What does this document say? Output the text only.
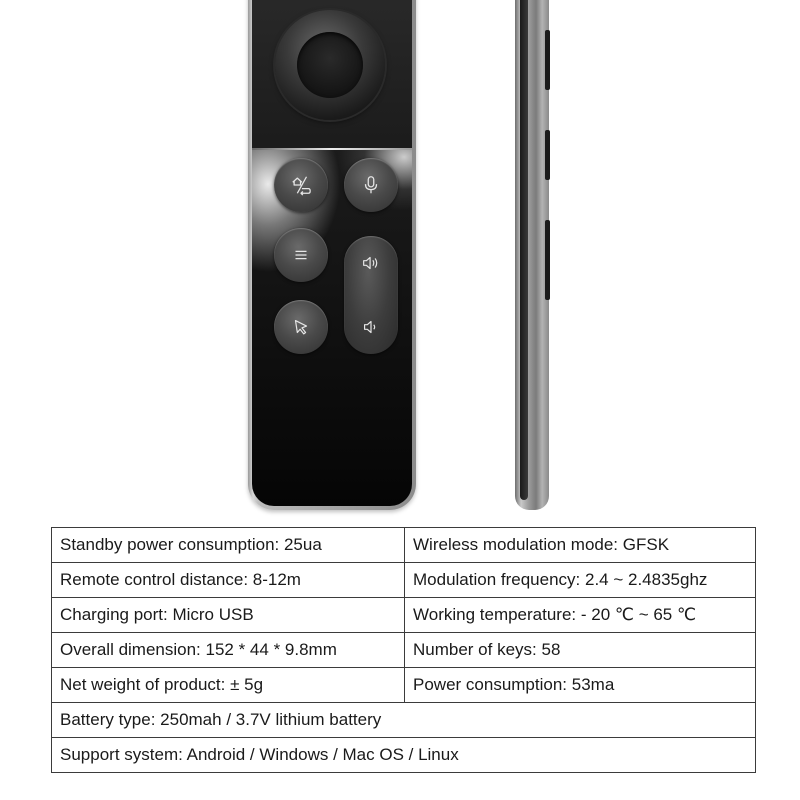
Standby power consumption: 25ua	Wireless modulation mode: GFSK
Remote control distance: 8-12m	Modulation frequency: 2.4 ~ 2.4835ghz
Charging port: Micro USB	Working temperature: - 20 ℃ ~ 65 ℃
Overall dimension: 152 * 44 * 9.8mm	Number of keys: 58
Net weight of product: ± 5g	Power consumption: 53ma
Battery type: 250mah / 3.7V lithium battery	
Support system: Android / Windows / Mac OS / Linux	
